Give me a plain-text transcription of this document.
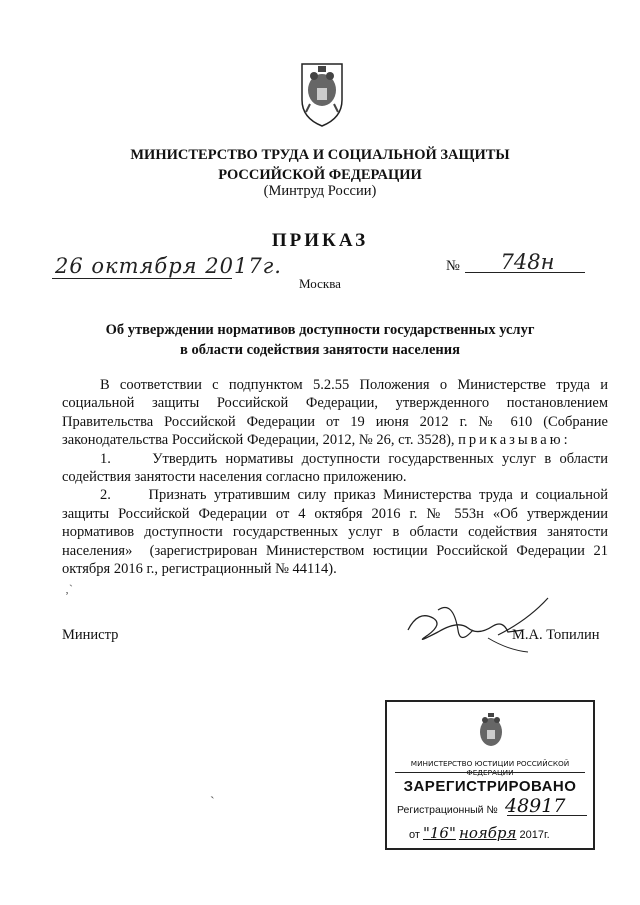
МИНИСТЕРСТВО ТРУДА И СОЦИАЛЬНОЙ ЗАЩИТЫ
РОССИЙСКОЙ ФЕДЕРАЦИИ
(Минтруд России)
ПРИКАЗ
26 октября 2017г.	№	748н
Москва
Об утверждении нормативов доступности государственных услуг
в области содействия занятости населения

В соответствии с подпунктом 5.2.55 Положения о Министерстве труда и социальной защиты Российской Федерации, утвержденного постановлением Правительства Российской Федерации от 19 июня 2012 г. № 610 (Собрание законодательства Российской Федерации, 2012, № 26, ст. 3528), приказываю:

1.     Утвердить нормативы доступности государственных услуг в области содействия занятости населения согласно приложению.

2.     Признать утратившим силу приказ Министерства труда и социальной защиты Российской Федерации от 4 октября 2016 г. № 553н «Об утверждении нормативов доступности государственных услуг в области содействия занятости населения»  (зарегистрирован Министерством юстиции Российской Федерации 21 октября 2016 г., регистрационный № 44114).

‚ˋ
ˋ
Министр	М.А. Топилин
МИНИСТЕРСТВО ЮСТИЦИИ РОССИЙСКОЙ ФЕДЕРАЦИИ
ЗАРЕГИСТРИРОВАНО
Регистрационный № 48917
от "16" ноября 2017г.
